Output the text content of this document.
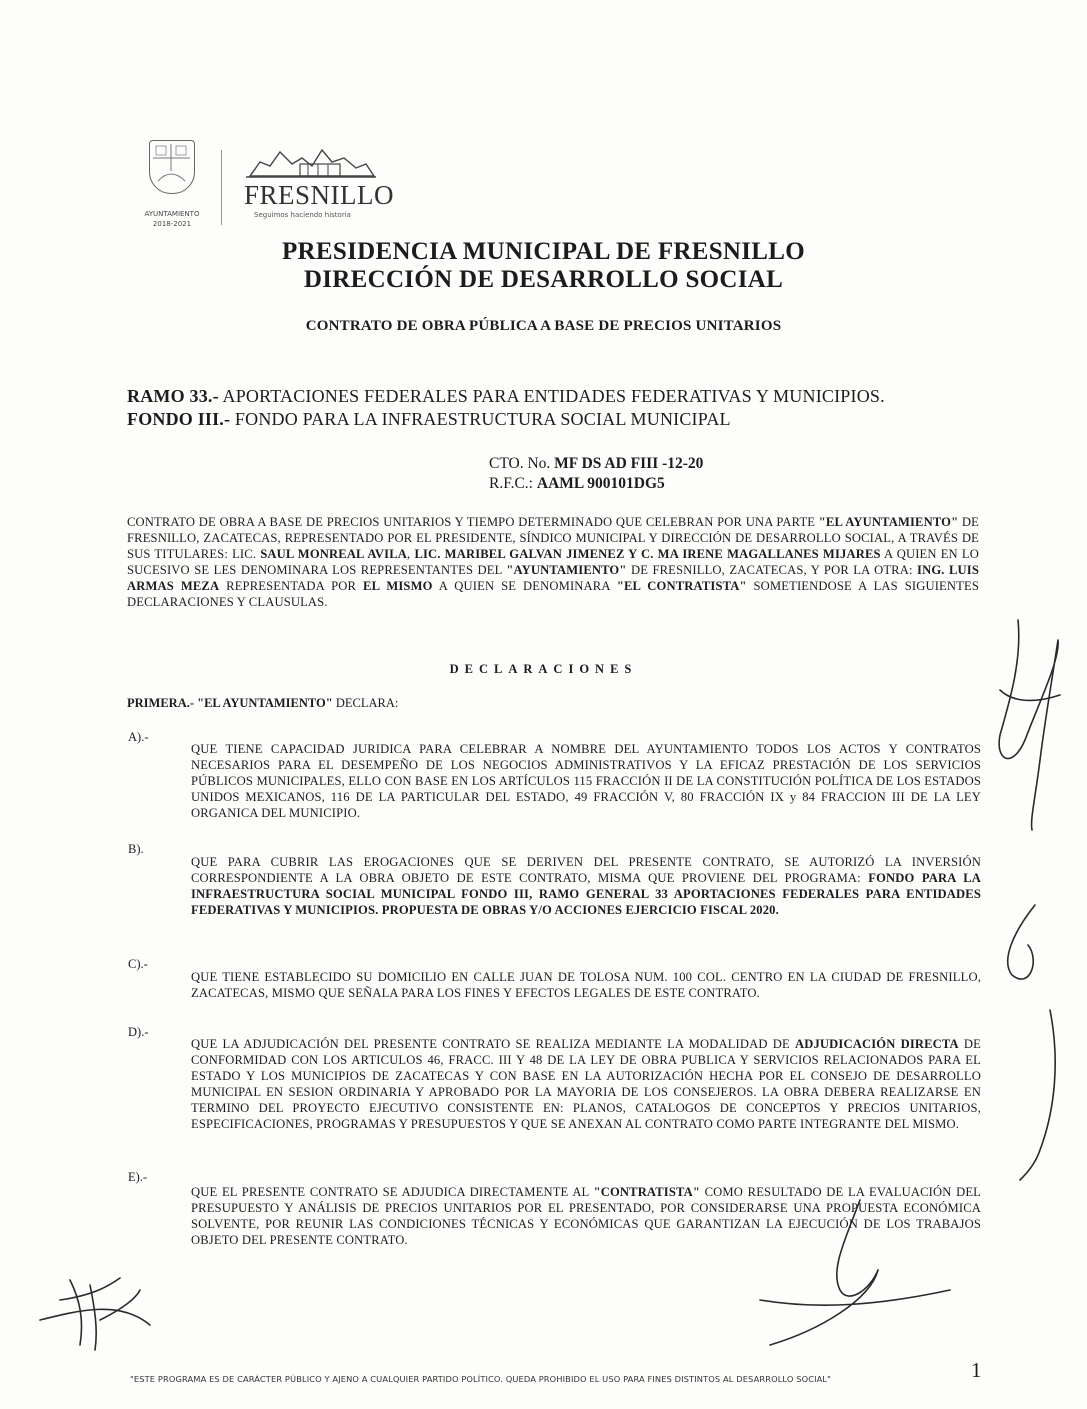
AYUNTAMIENTO
2018-2021
FRESNILLO
Seguimos haciendo historia
PRESIDENCIA MUNICIPAL DE FRESNILLO
DIRECCIÓN DE DESARROLLO SOCIAL
CONTRATO DE OBRA PÚBLICA A BASE DE PRECIOS UNITARIOS
RAMO 33.- APORTACIONES FEDERALES PARA ENTIDADES FEDERATIVAS Y MUNICIPIOS.
FONDO III.- FONDO PARA LA INFRAESTRUCTURA SOCIAL MUNICIPAL
CTO. No. MF DS AD FIII -12-20
R.F.C.: AAML 900101DG5
CONTRATO DE OBRA A BASE DE PRECIOS UNITARIOS Y TIEMPO DETERMINADO QUE CELEBRAN POR UNA PARTE "EL AYUNTAMIENTO" DE FRESNILLO, ZACATECAS, REPRESENTADO POR EL PRESIDENTE, SÍNDICO MUNICIPAL Y DIRECCIÓN DE DESARROLLO SOCIAL, A TRAVÉS DE SUS TITULARES: LIC. SAUL MONREAL AVILA, LIC. MARIBEL GALVAN JIMENEZ Y C. MA IRENE MAGALLANES MIJARES A QUIEN EN LO SUCESIVO SE LES DENOMINARA LOS REPRESENTANTES DEL "AYUNTAMIENTO" DE FRESNILLO, ZACATECAS, Y POR LA OTRA: ING. LUIS ARMAS MEZA REPRESENTADA POR EL MISMO A QUIEN SE DENOMINARA "EL CONTRATISTA" SOMETIENDOSE A LAS SIGUIENTES DECLARACIONES Y CLAUSULAS.
DECLARACIONES
PRIMERA.- "EL AYUNTAMIENTO" DECLARA:
A).-
QUE TIENE CAPACIDAD JURIDICA PARA CELEBRAR A NOMBRE DEL AYUNTAMIENTO TODOS LOS ACTOS Y CONTRATOS NECESARIOS PARA EL DESEMPEÑO DE LOS NEGOCIOS ADMINISTRATIVOS Y LA EFICAZ PRESTACIÓN DE LOS SERVICIOS PÚBLICOS MUNICIPALES, ELLO CON BASE EN LOS ARTÍCULOS 115 FRACCIÓN II DE LA CONSTITUCIÓN POLÍTICA DE LOS ESTADOS UNIDOS MEXICANOS, 116 DE LA PARTICULAR DEL ESTADO, 49 FRACCIÓN V, 80 FRACCIÓN IX y 84 FRACCION III DE LA LEY ORGANICA DEL MUNICIPIO.
B).
QUE PARA CUBRIR LAS EROGACIONES QUE SE DERIVEN DEL PRESENTE CONTRATO, SE AUTORIZÓ LA INVERSIÓN CORRESPONDIENTE A LA OBRA OBJETO DE ESTE CONTRATO, MISMA QUE PROVIENE DEL PROGRAMA: FONDO PARA LA INFRAESTRUCTURA SOCIAL MUNICIPAL FONDO III, RAMO GENERAL 33 APORTACIONES FEDERALES PARA ENTIDADES FEDERATIVAS Y MUNICIPIOS. PROPUESTA DE OBRAS Y/O ACCIONES EJERCICIO FISCAL 2020.
C).-
QUE TIENE ESTABLECIDO SU DOMICILIO EN CALLE JUAN DE TOLOSA NUM. 100 COL. CENTRO EN LA CIUDAD DE FRESNILLO, ZACATECAS, MISMO QUE SEÑALA PARA LOS FINES Y EFECTOS LEGALES DE ESTE CONTRATO.
D).-
QUE LA ADJUDICACIÓN DEL PRESENTE CONTRATO SE REALIZA MEDIANTE LA MODALIDAD DE ADJUDICACIÓN DIRECTA DE CONFORMIDAD CON LOS ARTICULOS 46, FRACC. III Y 48 DE LA LEY DE OBRA PUBLICA Y SERVICIOS RELACIONADOS PARA EL ESTADO Y LOS MUNICIPIOS DE ZACATECAS Y CON BASE EN LA AUTORIZACIÓN HECHA POR EL CONSEJO DE DESARROLLO MUNICIPAL EN SESION ORDINARIA Y APROBADO POR LA MAYORIA DE LOS CONSEJEROS. LA OBRA DEBERA REALIZARSE EN TERMINO DEL PROYECTO EJECUTIVO CONSISTENTE EN: PLANOS, CATALOGOS DE CONCEPTOS Y PRECIOS UNITARIOS, ESPECIFICACIONES, PROGRAMAS Y PRESUPUESTOS Y QUE SE ANEXAN AL CONTRATO COMO PARTE INTEGRANTE DEL MISMO.
E).-
QUE EL PRESENTE CONTRATO SE ADJUDICA DIRECTAMENTE AL "CONTRATISTA" COMO RESULTADO DE LA EVALUACIÓN DEL PRESUPUESTO Y ANÁLISIS DE PRECIOS UNITARIOS POR EL PRESENTADO, POR CONSIDERARSE UNA PROPUESTA ECONÓMICA SOLVENTE, POR REUNIR LAS CONDICIONES TÉCNICAS Y ECONÓMICAS QUE GARANTIZAN LA EJECUCIÓN DE LOS TRABAJOS OBJETO DEL PRESENTE CONTRATO.
"ESTE PROGRAMA ES DE CARÁCTER PÚBLICO Y AJENO A CUALQUIER PARTIDO POLÍTICO. QUEDA PROHIBIDO EL USO PARA FINES DISTINTOS AL DESARROLLO SOCIAL"	1
